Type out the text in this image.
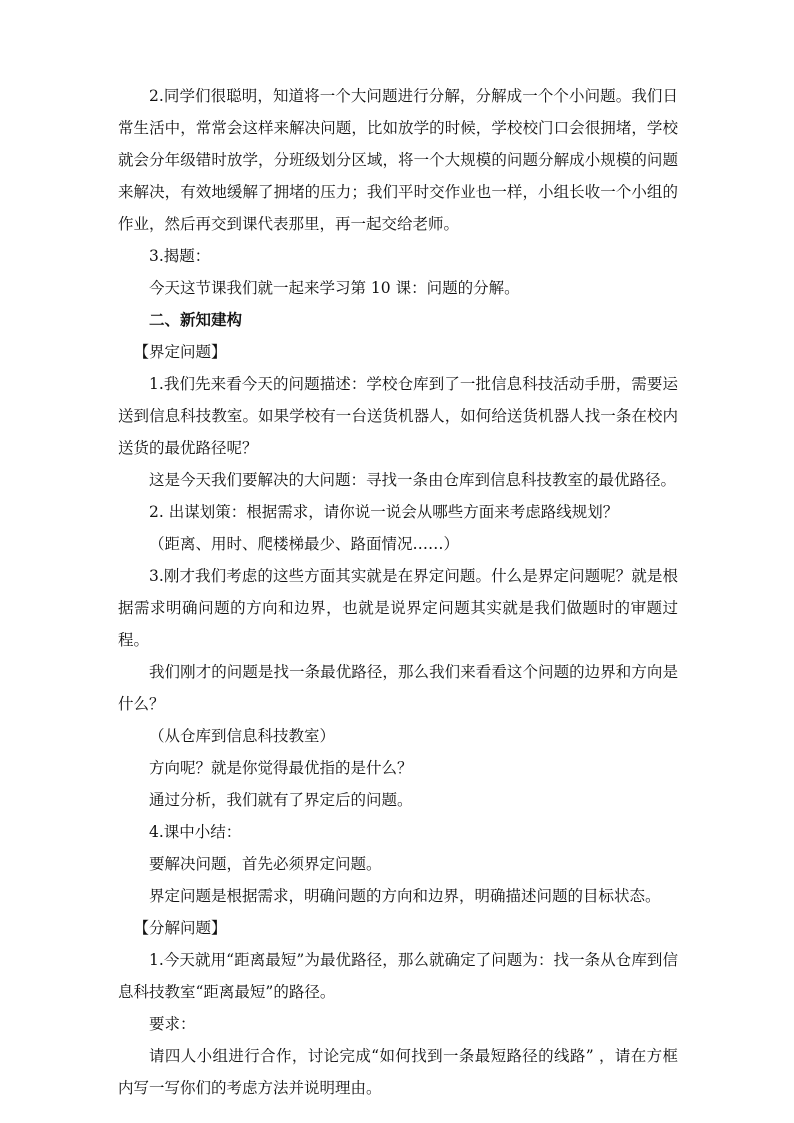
2.同学们很聪明，知道将一个大问题进行分解，分解成一个个小问题。我们日常生活中，常常会这样来解决问题，比如放学的时候，学校校门口会很拥堵，学校就会分年级错时放学，分班级划分区域，将一个大规模的问题分解成小规模的问题来解决，有效地缓解了拥堵的压力；我们平时交作业也一样，小组长收一个小组的作业，然后再交到课代表那里，再一起交给老师。

3.揭题：

今天这节课我们就一起来学习第 10 课：问题的分解。

二、新知建构

【界定问题】

1.我们先来看今天的问题描述：学校仓库到了一批信息科技活动手册，需要运送到信息科技教室。如果学校有一台送货机器人，如何给送货机器人找一条在校内送货的最优路径呢？

这是今天我们要解决的大问题：寻找一条由仓库到信息科技教室的最优路径。

2. 出谋划策：根据需求，请你说一说会从哪些方面来考虑路线规划？

（距离、用时、爬楼梯最少、路面情况……）

3.刚才我们考虑的这些方面其实就是在界定问题。什么是界定问题呢？就是根据需求明确问题的方向和边界，也就是说界定问题其实就是我们做题时的审题过程。

我们刚才的问题是找一条最优路径，那么我们来看看这个问题的边界和方向是什么？

（从仓库到信息科技教室）

方向呢？就是你觉得最优指的是什么？

通过分析，我们就有了界定后的问题。

4.课中小结：

要解决问题，首先必须界定问题。

界定问题是根据需求，明确问题的方向和边界，明确描述问题的目标状态。

【分解问题】

1.今天就用“距离最短”为最优路径，那么就确定了问题为：找一条从仓库到信息科技教室“距离最短”的路径。

要求：

请四人小组进行合作，讨论完成“如何找到一条最短路径的线路” ，请在方框内写一写你们的考虑方法并说明理由。
